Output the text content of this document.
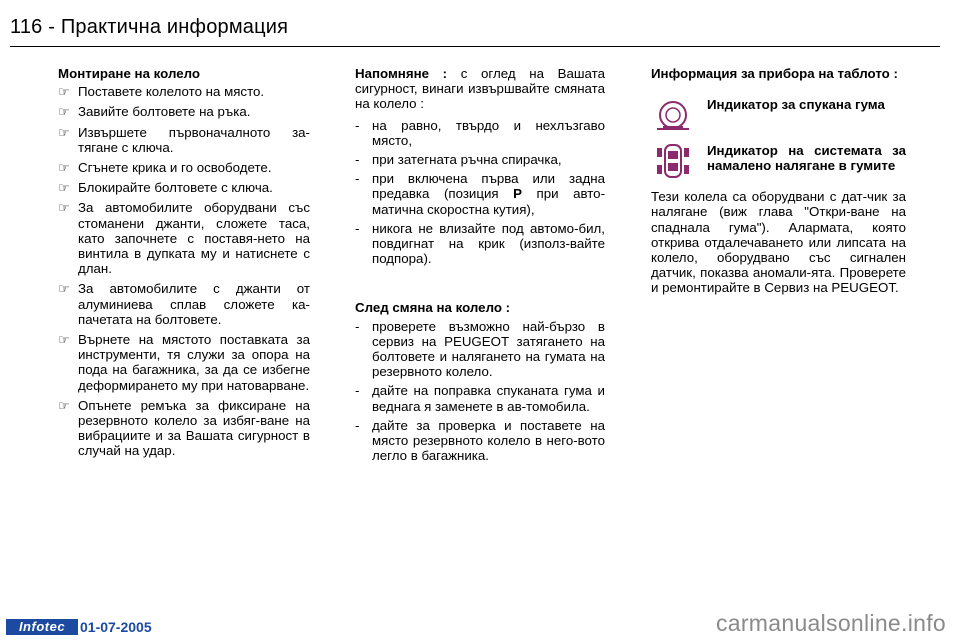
116 - Практична информация
Монтиране на колело
☞ Поставете колелото на място.
☞ Завийте болтовете на ръка.
☞ Извършете първоначалното за-тягане с ключа.
☞ Сгънете крика и го освободете.
☞ Блокирайте болтовете с ключа.
☞ За автомобилите оборудвани със стоманени джанти, сложете таса, като започнете с поставя-нето на винтила в дупката му и натиснете с длан.
☞ За автомобилите с джанти от алуминиева сплав сложете ка-пачетата на болтовете.
☞ Върнете на мястото поставката за инструменти, тя служи за опора на пода на багажника, за да се избегне деформирането му при натоварване.
☞ Опънете ремъка за фиксиране на резервното колело за избяг-ване на вибрациите и за Вашата сигурност в случай на удар.

Напомняне : с оглед на Вашата сигурност, винаги извършвайте смяната на колело :

- на равно, твърдо и нехлъзгаво място,
- при затегната ръчна спирачка,
- при включена първа или задна предавка (позиция P при авто-матична скоростна кутия),
- никога не влизайте под автомо-бил, повдигнат на крик (използ-вайте подпора).
След смяна на колело :
- проверете възможно най-бързо в сервиз на PEUGEOT затягането на болтовете и налягането на гумата на резервното колело.
- дайте на поправка спуканата гума и веднага я заменете в ав-томобила.
- дайте за проверка и поставете на място резервното колело в него-вото легло в багажника.
Информация за прибора на таблото :
Индикатор за спукана гума
Индикатор на системата за намалено налягане в гумите

Тези колела са оборудвани с дат-чик за налягане (виж глава "Откри-ване на спаднала гума"). Алармата, която открива отдалечаването или липсата на колело, оборудвано със сигнален датчик, показва аномали-ята. Проверете и ремонтирайте в Сервиз на PEUGEOT.

Infotec	01-07-2005	carmanualsonline.info
